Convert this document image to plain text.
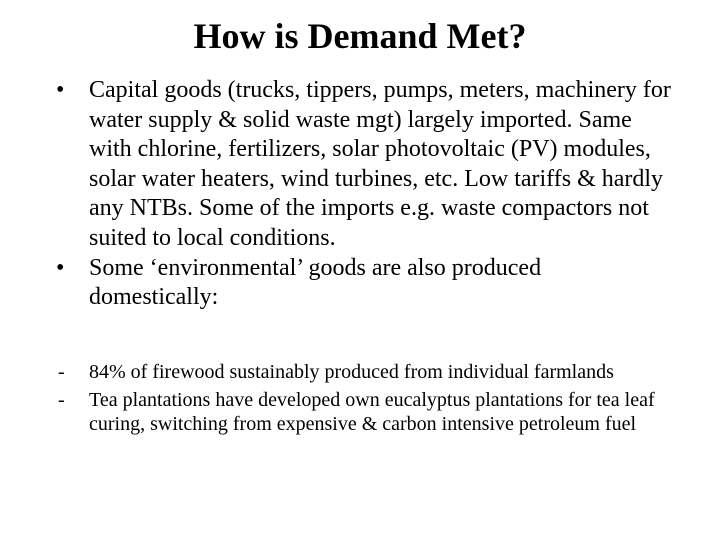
How is Demand Met?
•	Capital goods (trucks, tippers, pumps, meters, machinery for water supply & solid waste mgt) largely imported. Same with chlorine, fertilizers, solar photovoltaic (PV) modules, solar water heaters, wind turbines, etc. Low tariffs & hardly any NTBs. Some of the imports e.g. waste compactors not suited to local conditions.
•	Some ‘environmental’ goods are also produced domestically:
- 84% of firewood sustainably produced from individual farmlands
- Tea plantations have developed own eucalyptus plantations for tea leaf curing, switching from expensive & carbon intensive petroleum fuel
